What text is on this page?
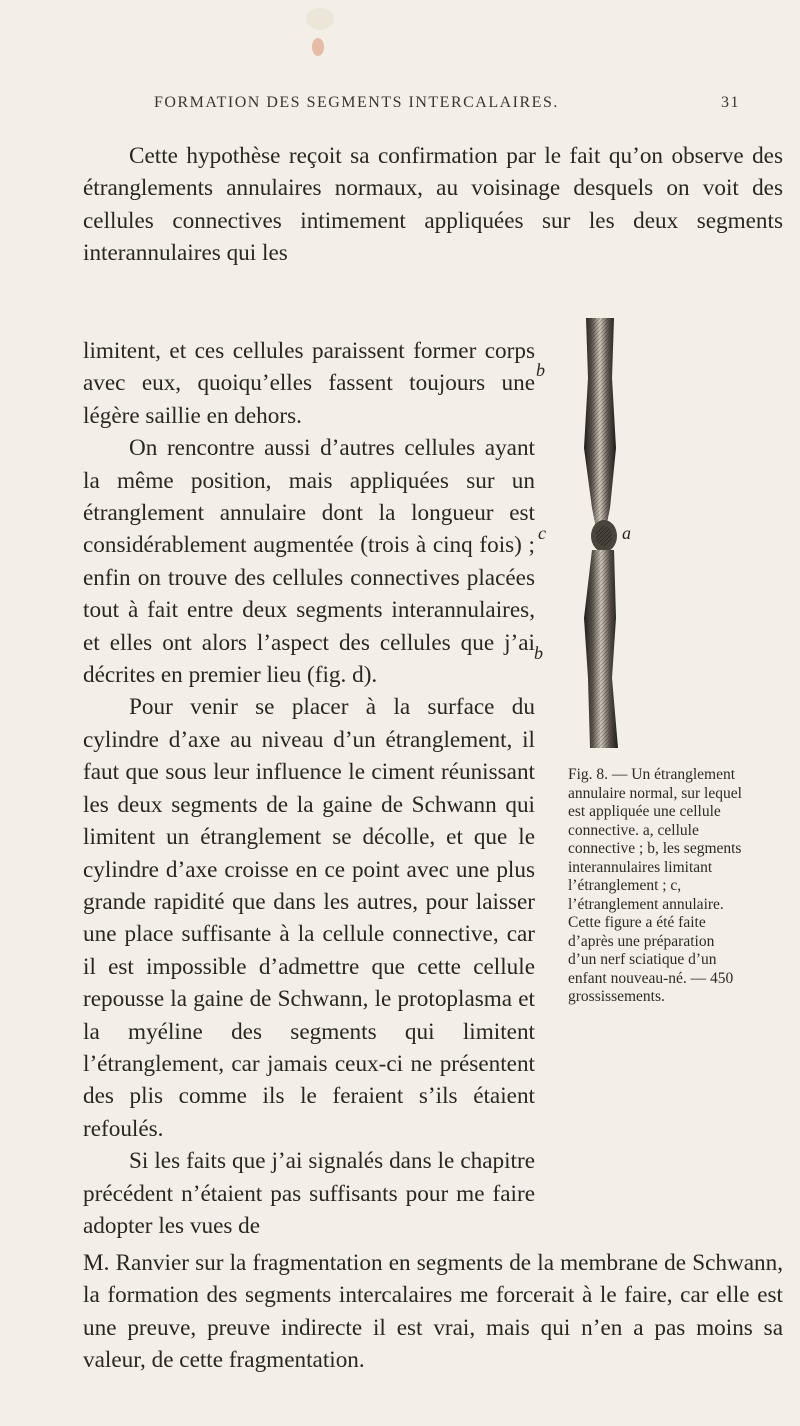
FORMATION DES SEGMENTS INTERCALAIRES.	31

Cette hypothèse reçoit sa confirmation par le fait qu’on observe des étranglements annulaires normaux, au voisinage desquels on voit des cellules connectives intimement appliquées sur les deux segments interannulaires qui les

limitent, et ces cellules paraissent former corps avec eux, quoiqu’elles fassent toujours une légère saillie en dehors.

On rencontre aussi d’autres cellules ayant la même position, mais appliquées sur un étranglement annulaire dont la longueur est considérablement augmentée (trois à cinq fois) ; enfin on trouve des cellules connectives placées tout à fait entre deux segments interannulaires, et elles ont alors l’aspect des cellules que j’ai décrites en premier lieu (fig. d).

Pour venir se placer à la surface du cylindre d’axe au niveau d’un étranglement, il faut que sous leur influence le ciment réunissant les deux segments de la gaine de Schwann qui limitent un étranglement se décolle, et que le cylindre d’axe croisse en ce point avec une plus grande rapidité que dans les autres, pour laisser une place suffisante à la cellule connective, car il est impossible d’admettre que cette cellule repousse la gaine de Schwann, le protoplasma et la myéline des segments qui limitent l’étranglement, car jamais ceux-ci ne présentent des plis comme ils le feraient s’ils étaient refoulés.

Si les faits que j’ai signalés dans le chapitre précédent n’étaient pas suffisants pour me faire adopter les vues de

M. Ranvier sur la fragmentation en segments de la membrane de Schwann, la formation des segments intercalaires me forcerait à le faire, car elle est une preuve, preuve indirecte il est vrai, mais qui n’en a pas moins sa valeur, de cette fragmentation.

b
c	a
b

Fig. 8. — Un étranglement annulaire normal, sur lequel est appliquée une cellule connective. a, cellule connective ; b, les segments interannulaires limitant l’étranglement ; c, l’étranglement annulaire. Cette figure a été faite d’après une préparation d’un nerf sciatique d’un enfant nouveau-né. — 450 grossissements.
